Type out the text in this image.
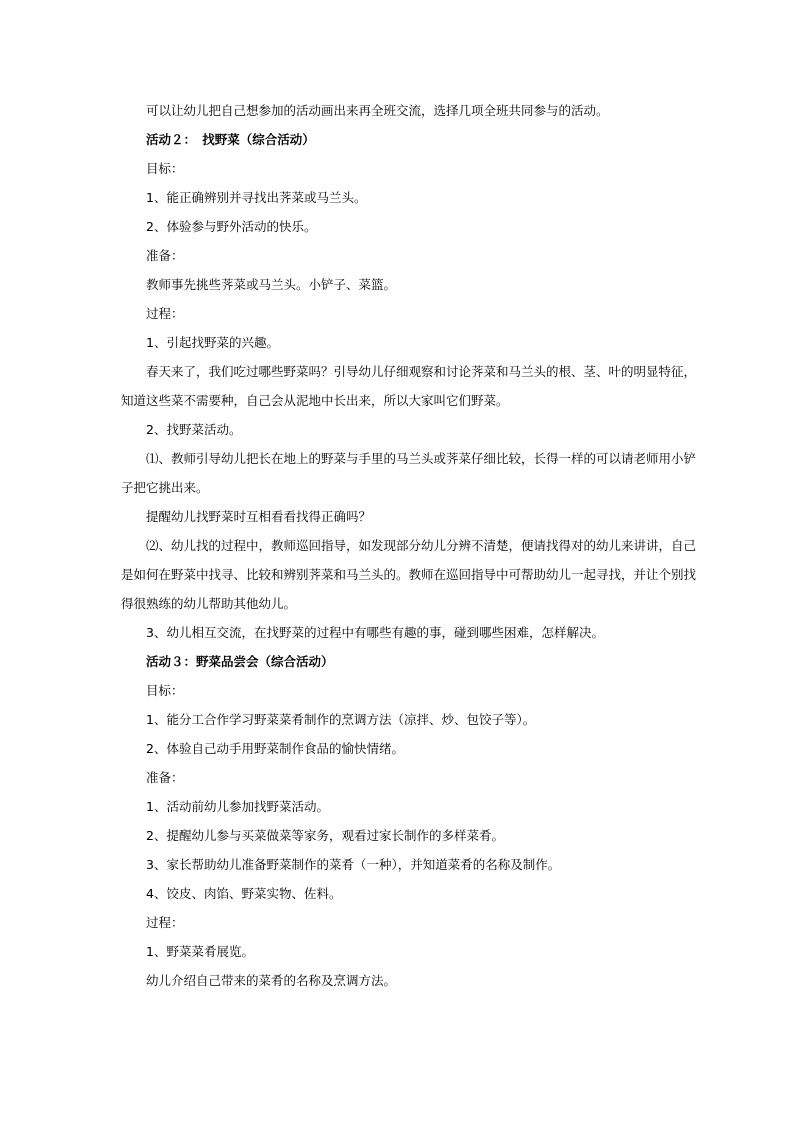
可以让幼儿把自己想参加的活动画出来再全班交流，选择几项全班共同参与的活动。
活动２：　找野菜（综合活动）
目标：
1、能正确辨别并寻找出荠菜或马兰头。
2、体验参与野外活动的快乐。
准备：
教师事先挑些荠菜或马兰头。小铲子、菜篮。
过程：
1、引起找野菜的兴趣。
春天来了，我们吃过哪些野菜吗？引导幼儿仔细观察和讨论荠菜和马兰头的根、茎、叶的明显特征，
知道这些菜不需要种，自己会从泥地中长出来，所以大家叫它们野菜。
2、找野菜活动。
⑴、教师引导幼儿把长在地上的野菜与手里的马兰头或荠菜仔细比较，长得一样的可以请老师用小铲
子把它挑出来。
提醒幼儿找野菜时互相看看找得正确吗？
⑵、幼儿找的过程中，教师巡回指导，如发现部分幼儿分辨不清楚，便请找得对的幼儿来讲讲，自己
是如何在野菜中找寻、比较和辨别荠菜和马兰头的。教师在巡回指导中可帮助幼儿一起寻找，并让个别找
得很熟练的幼儿帮助其他幼儿。
3、幼儿相互交流，在找野菜的过程中有哪些有趣的事，碰到哪些困难，怎样解决。
活动３：野菜品尝会（综合活动）
目标：
1、能分工合作学习野菜菜肴制作的烹调方法（凉拌、炒、包饺子等）。
2、体验自己动手用野菜制作食品的愉快情绪。
准备：
1、活动前幼儿参加找野菜活动。
2、提醒幼儿参与买菜做菜等家务，观看过家长制作的多样菜肴。
3、家长帮助幼儿准备野菜制作的菜肴（一种），并知道菜肴的名称及制作。
4、饺皮、肉馅、野菜实物、佐料。
过程：
1、野菜菜肴展览。
幼儿介绍自己带来的菜肴的名称及烹调方法。
